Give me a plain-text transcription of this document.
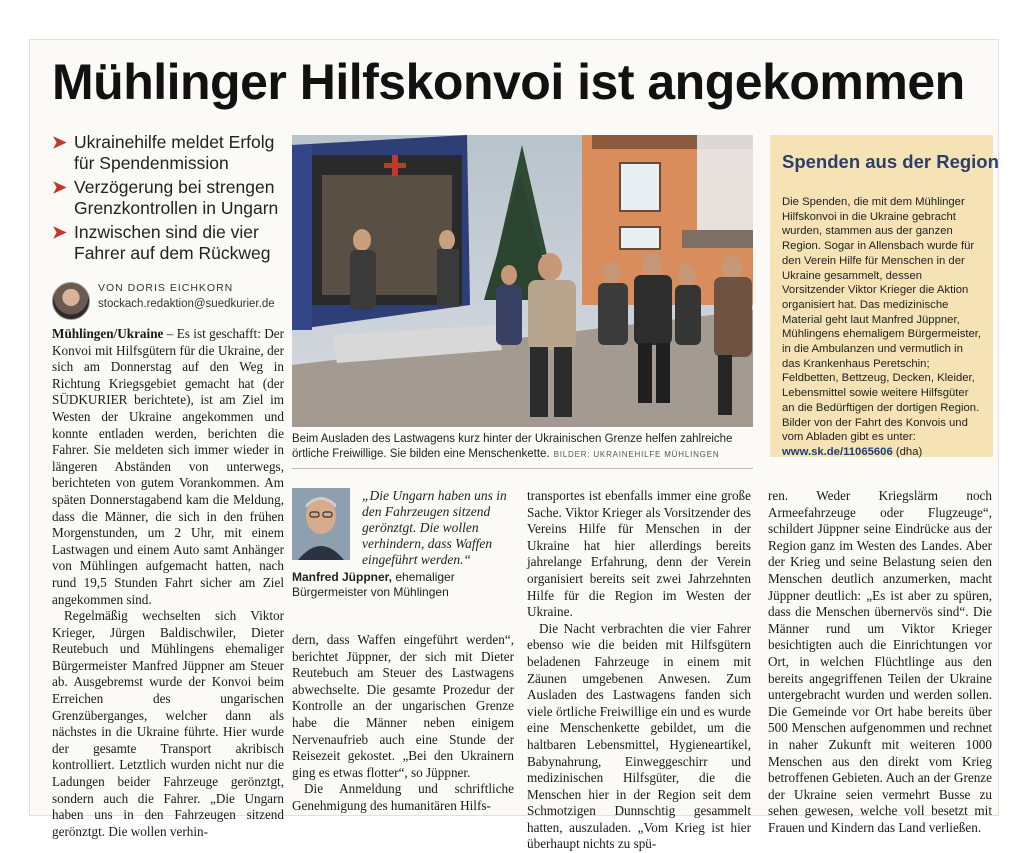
Mühlinger Hilfskonvoi ist angekommen
➤ Ukrainehilfe meldet Erfolg für Spendenmission
➤ Verzögerung bei strengen Grenzkontrollen in Ungarn
➤ Inzwischen sind die vier Fahrer auf dem Rückweg
VON DORIS EICHKORN
stockach.redaktion@suedkurier.de

Mühlingen/Ukraine – Es ist geschafft: Der Konvoi mit Hilfsgütern für die Ukraine, der sich am Donnerstag auf den Weg in Richtung Kriegsgebiet gemacht hat (der SÜDKURIER berichtete), ist am Ziel im Westen der Ukraine angekommen und konnte entladen werden, berichten die Fahrer. Sie meldeten sich immer wieder in längeren Abständen von unterwegs, berichteten von gutem Vorankommen. Am späten Donnerstagabend kam die Meldung, dass die Männer, die sich in den frühen Morgenstunden, um 2 Uhr, mit einem Lastwagen und einem Auto samt Anhänger von Mühlingen aufgemacht hatten, nach rund 19,5 Stunden Fahrt sicher am Ziel angekommen sind.

Regelmäßig wechselten sich Viktor Krieger, Jürgen Baldischwiler, Dieter Reutebuch und Mühlingens ehemaliger Bürgermeister Manfred Jüppner am Steuer ab. Ausgebremst wurde der Konvoi beim Erreichen des ungarischen Grenzüberganges, welcher dann als nächstes in die Ukraine führte. Hier wurde der gesamte Transport akribisch kontrolliert. Letztlich wurden nicht nur die Ladungen beider Fahrzeuge gerönztgt, sondern auch die Fahrer. „Die Ungarn haben uns in den Fahrzeugen sitzend gerönztgt. Die wollen verhin-

Beim Ausladen des Lastwagens kurz hinter der Ukrainischen Grenze helfen zahlreiche örtliche Freiwillige. Sie bilden eine Menschenkette. BILDER: UKRAINEHILFE MÜHLINGEN
„Die Ungarn haben uns in den Fahrzeugen sitzend gerönztgt. Die wollen verhindern, dass Waffen eingeführt werden.“
Manfred Jüppner, ehemaliger Bürgermeister von Mühlingen

dern, dass Waffen eingeführt werden“, berichtet Jüppner, der sich mit Dieter Reutebuch am Steuer des Lastwagens abwechselte. Die gesamte Prozedur der Kontrolle an der ungarischen Grenze habe die Männer neben einigem Nervenaufrieb auch eine Stunde der Reisezeit gekostet. „Bei den Ukrainern ging es etwas flotter“, so Jüppner.

Die Anmeldung und schriftliche Genehmigung des humanitären Hilfs-

transportes ist ebenfalls immer eine große Sache. Viktor Krieger als Vorsitzender des Vereins Hilfe für Menschen in der Ukraine hat hier allerdings bereits jahrelange Erfahrung, denn der Verein organisiert bereits seit zwei Jahrzehnten Hilfe für die Region im Westen der Ukraine.

Die Nacht verbrachten die vier Fahrer ebenso wie die beiden mit Hilfsgütern beladenen Fahrzeuge in einem mit Zäunen umgebenen Anwesen. Zum Ausladen des Lastwagens fanden sich viele örtliche Freiwillige ein und es wurde eine Menschenkette gebildet, um die haltbaren Lebensmittel, Hygieneartikel, Babynahrung, Einweggeschirr und medizinischen Hilfsgüter, die die Menschen hier in der Region seit dem Schmotzigen Dunnschtig gesammelt hatten, auszuladen. „Vom Krieg ist hier überhaupt nichts zu spü-

ren. Weder Kriegslärm noch Armeefahrzeuge oder Flugzeuge“, schildert Jüppner seine Eindrücke aus der Region ganz im Westen des Landes. Aber der Krieg und seine Belastung seien den Menschen deutlich anzumerken, macht Jüppner deutlich: „Es ist aber zu spüren, dass die Menschen übernervös sind“. Die Männer rund um Viktor Krieger besichtigten auch die Einrichtungen vor Ort, in welchen Flüchtlinge aus den bereits angegriffenen Teilen der Ukraine untergebracht wurden und werden sollen. Die Gemeinde vor Ort habe bereits über 500 Menschen aufgenommen und rechnet in naher Zukunft mit weiteren 1000 Menschen aus den direkt vom Krieg betroffenen Gebieten. Auch an der Grenze der Ukraine seien vermehrt Busse zu sehen gewesen, welche voll besetzt mit Frauen und Kindern das Land verließen.

Spenden aus der Region

Die Spenden, die mit dem Mühlinger Hilfskonvoi in die Ukraine gebracht wurden, stammen aus der ganzen Region. Sogar in Allensbach wurde für den Verein Hilfe für Menschen in der Ukraine gesammelt, dessen Vorsitzender Viktor Krieger die Aktion organisiert hat. Das medizinische Material geht laut Manfred Jüppner, Mühlingens ehemaligem Bürgermeister, in die Ambulanzen und vermutlich in das Krankenhaus Peretschin; Feldbetten, Bettzeug, Decken, Kleider, Lebensmittel sowie weitere Hilfsgüter an die Bedürftigen der dortigen Region. Bilder von der Fahrt des Konvois und vom Abladen gibt es unter:
www.sk.de/11065606 (dha)
